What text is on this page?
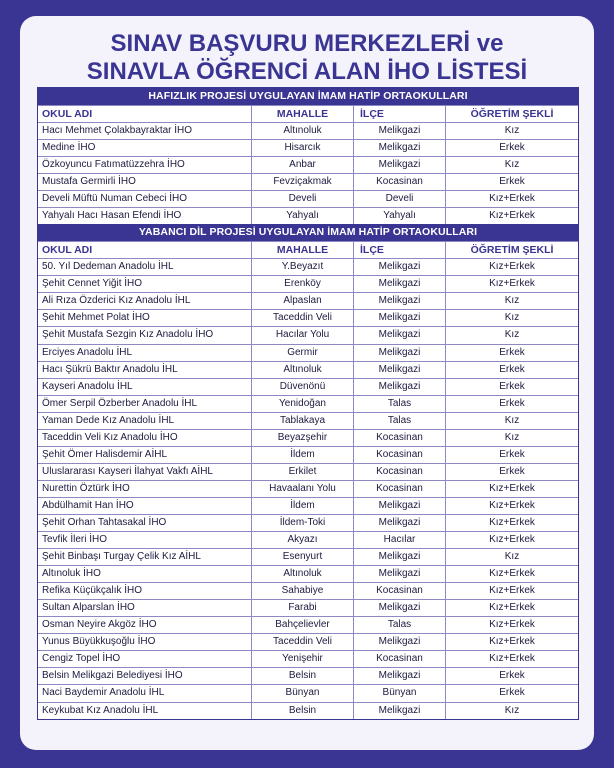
SINAV BAŞVURU MERKEZLERİ ve
SINAVLA ÖĞRENCİ ALAN İHO LİSTESİ
HAFIZLIK PROJESİ UYGULAYAN İMAM HATİP ORTAOKULLARI
OKUL ADI	MAHALLE	İLÇE	ÖĞRETİM ŞEKLİ
Hacı Mehmet Çolakbayraktar İHO	Altınoluk	Melikgazi	Kız
Medine İHO	Hisarcık	Melikgazi	Erkek
Özkoyuncu Fatımatüzzehra İHO	Anbar	Melikgazi	Kız
Mustafa Germirli İHO	Fevziçakmak	Kocasinan	Erkek
Develi Müftü Numan Cebeci İHO	Develi	Develi	Kız+Erkek
Yahyalı Hacı Hasan Efendi İHO	Yahyalı	Yahyalı	Kız+Erkek
YABANCI DİL PROJESİ UYGULAYAN İMAM HATİP ORTAOKULLARI
OKUL ADI	MAHALLE	İLÇE	ÖĞRETİM ŞEKLİ
50. Yıl Dedeman Anadolu İHL	Y.Beyazıt	Melikgazi	Kız+Erkek
Şehit Cennet Yiğit İHO	Erenköy	Melikgazi	Kız+Erkek
Ali Rıza Özderici Kız Anadolu İHL	Alpaslan	Melikgazi	Kız
Şehit Mehmet Polat İHO	Taceddin Veli	Melikgazi	Kız
Şehit Mustafa Sezgin Kız Anadolu İHO	Hacılar Yolu	Melikgazi	Kız
Erciyes Anadolu İHL	Germir	Melikgazi	Erkek
Hacı Şükrü Baktır Anadolu İHL	Altınoluk	Melikgazi	Erkek
Kayseri Anadolu İHL	Düvenönü	Melikgazi	Erkek
Ömer Serpil Özberber Anadolu İHL	Yenidoğan	Talas	Erkek
Yaman Dede Kız Anadolu İHL	Tablakaya	Talas	Kız
Taceddin Veli Kız Anadolu İHO	Beyazşehir	Kocasinan	Kız
Şehit Ömer Halisdemir AİHL	İldem	Kocasinan	Erkek
Uluslararası Kayseri İlahyat Vakfı AİHL	Erkilet	Kocasinan	Erkek
Nurettin Öztürk İHO	Havaalanı Yolu	Kocasinan	Kız+Erkek
Abdülhamit Han İHO	İldem	Melikgazi	Kız+Erkek
Şehit Orhan Tahtasakal İHO	İldem-Toki	Melikgazi	Kız+Erkek
Tevfik İleri İHO	Akyazı	Hacılar	Kız+Erkek
Şehit Binbaşı Turgay Çelik Kız AİHL	Esenyurt	Melikgazi	Kız
Altınoluk İHO	Altınoluk	Melikgazi	Kız+Erkek
Refika Küçükçalık İHO	Sahabiye	Kocasinan	Kız+Erkek
Sultan Alparslan İHO	Farabi	Melikgazi	Kız+Erkek
Osman Neyire Akgöz İHO	Bahçelievler	Talas	Kız+Erkek
Yunus Büyükkuşoğlu İHO	Taceddin Veli	Melikgazi	Kız+Erkek
Cengiz Topel İHO	Yenişehir	Kocasinan	Kız+Erkek
Belsin Melikgazi Belediyesi İHO	Belsin	Melikgazi	Erkek
Naci Baydemir Anadolu İHL	Bünyan	Bünyan	Erkek
Keykubat Kız Anadolu İHL	Belsin	Melikgazi	Kız
